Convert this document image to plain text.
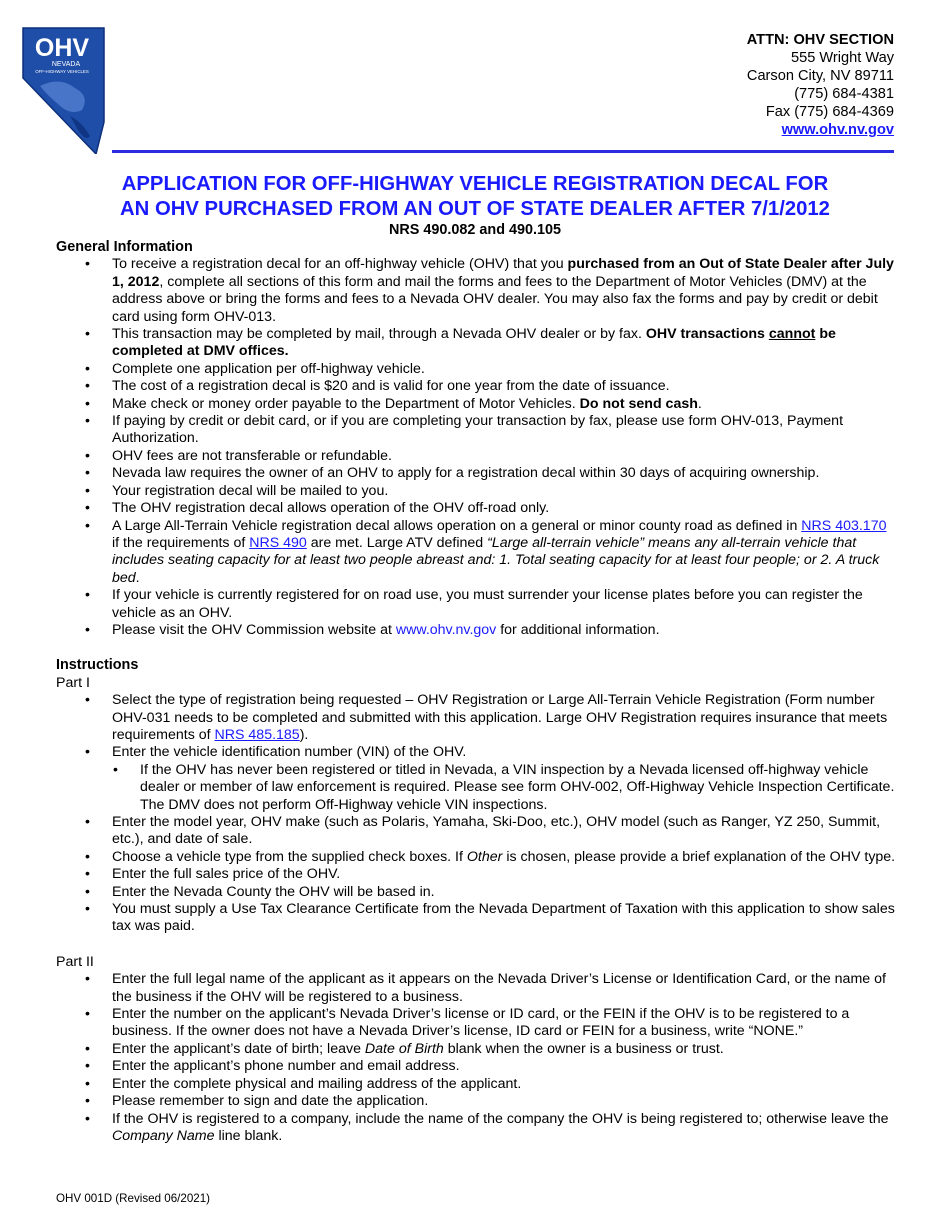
OHV
NEVADA
OFF-HIGHWAY VEHICLES
ATTN: OHV SECTION
555 Wright Way
Carson City, NV 89711
(775) 684-4381
Fax (775) 684-4369
www.ohv.nv.gov
APPLICATION FOR OFF-HIGHWAY VEHICLE REGISTRATION DECAL FOR
AN OHV PURCHASED FROM AN OUT OF STATE DEALER AFTER 7/1/2012
NRS 490.082 and 490.105
General Information
• To receive a registration decal for an off-highway vehicle (OHV) that you purchased from an Out of State Dealer after July 1, 2012, complete all sections of this form and mail the forms and fees to the Department of Motor Vehicles (DMV) at the address above or bring the forms and fees to a Nevada OHV dealer. You may also fax the forms and pay by credit or debit card using form OHV-013.
• This transaction may be completed by mail, through a Nevada OHV dealer or by fax. OHV transactions cannot be completed at DMV offices.
• Complete one application per off-highway vehicle.
• The cost of a registration decal is $20 and is valid for one year from the date of issuance.
• Make check or money order payable to the Department of Motor Vehicles. Do not send cash.
• If paying by credit or debit card, or if you are completing your transaction by fax, please use form OHV-013, Payment Authorization.
• OHV fees are not transferable or refundable.
• Nevada law requires the owner of an OHV to apply for a registration decal within 30 days of acquiring ownership.
• Your registration decal will be mailed to you.
• The OHV registration decal allows operation of the OHV off-road only.
• A Large All-Terrain Vehicle registration decal allows operation on a general or minor county road as defined in NRS 403.170 if the requirements of NRS 490 are met. Large ATV defined “Large all-terrain vehicle” means any all-terrain vehicle that includes seating capacity for at least two people abreast and: 1. Total seating capacity for at least four people; or 2. A truck bed.
• If your vehicle is currently registered for on road use, you must surrender your license plates before you can register the vehicle as an OHV.
• Please visit the OHV Commission website at www.ohv.nv.gov for additional information.
Instructions

Part I

• Select the type of registration being requested – OHV Registration or Large All-Terrain Vehicle Registration (Form number OHV-031 needs to be completed and submitted with this application. Large OHV Registration requires insurance that meets requirements of NRS 485.185).
• Enter the vehicle identification number (VIN) of the OHV.
• If the OHV has never been registered or titled in Nevada, a VIN inspection by a Nevada licensed off-highway vehicle dealer or member of law enforcement is required. Please see form OHV-002, Off-Highway Vehicle Inspection Certificate. The DMV does not perform Off-Highway vehicle VIN inspections.
• Enter the model year, OHV make (such as Polaris, Yamaha, Ski-Doo, etc.), OHV model (such as Ranger, YZ 250, Summit, etc.), and date of sale.
• Choose a vehicle type from the supplied check boxes. If Other is chosen, please provide a brief explanation of the OHV type.
• Enter the full sales price of the OHV.
• Enter the Nevada County the OHV will be based in.
• You must supply a Use Tax Clearance Certificate from the Nevada Department of Taxation with this application to show sales tax was paid.

Part II

• Enter the full legal name of the applicant as it appears on the Nevada Driver’s License or Identification Card, or the name of the business if the OHV will be registered to a business.
• Enter the number on the applicant’s Nevada Driver’s license or ID card, or the FEIN if the OHV is to be registered to a business. If the owner does not have a Nevada Driver’s license, ID card or FEIN for a business, write “NONE.”
• Enter the applicant’s date of birth; leave Date of Birth blank when the owner is a business or trust.
• Enter the applicant’s phone number and email address.
• Enter the complete physical and mailing address of the applicant.
• Please remember to sign and date the application.
• If the OHV is registered to a company, include the name of the company the OHV is being registered to; otherwise leave the Company Name line blank.
OHV 001D (Revised 06/2021)
